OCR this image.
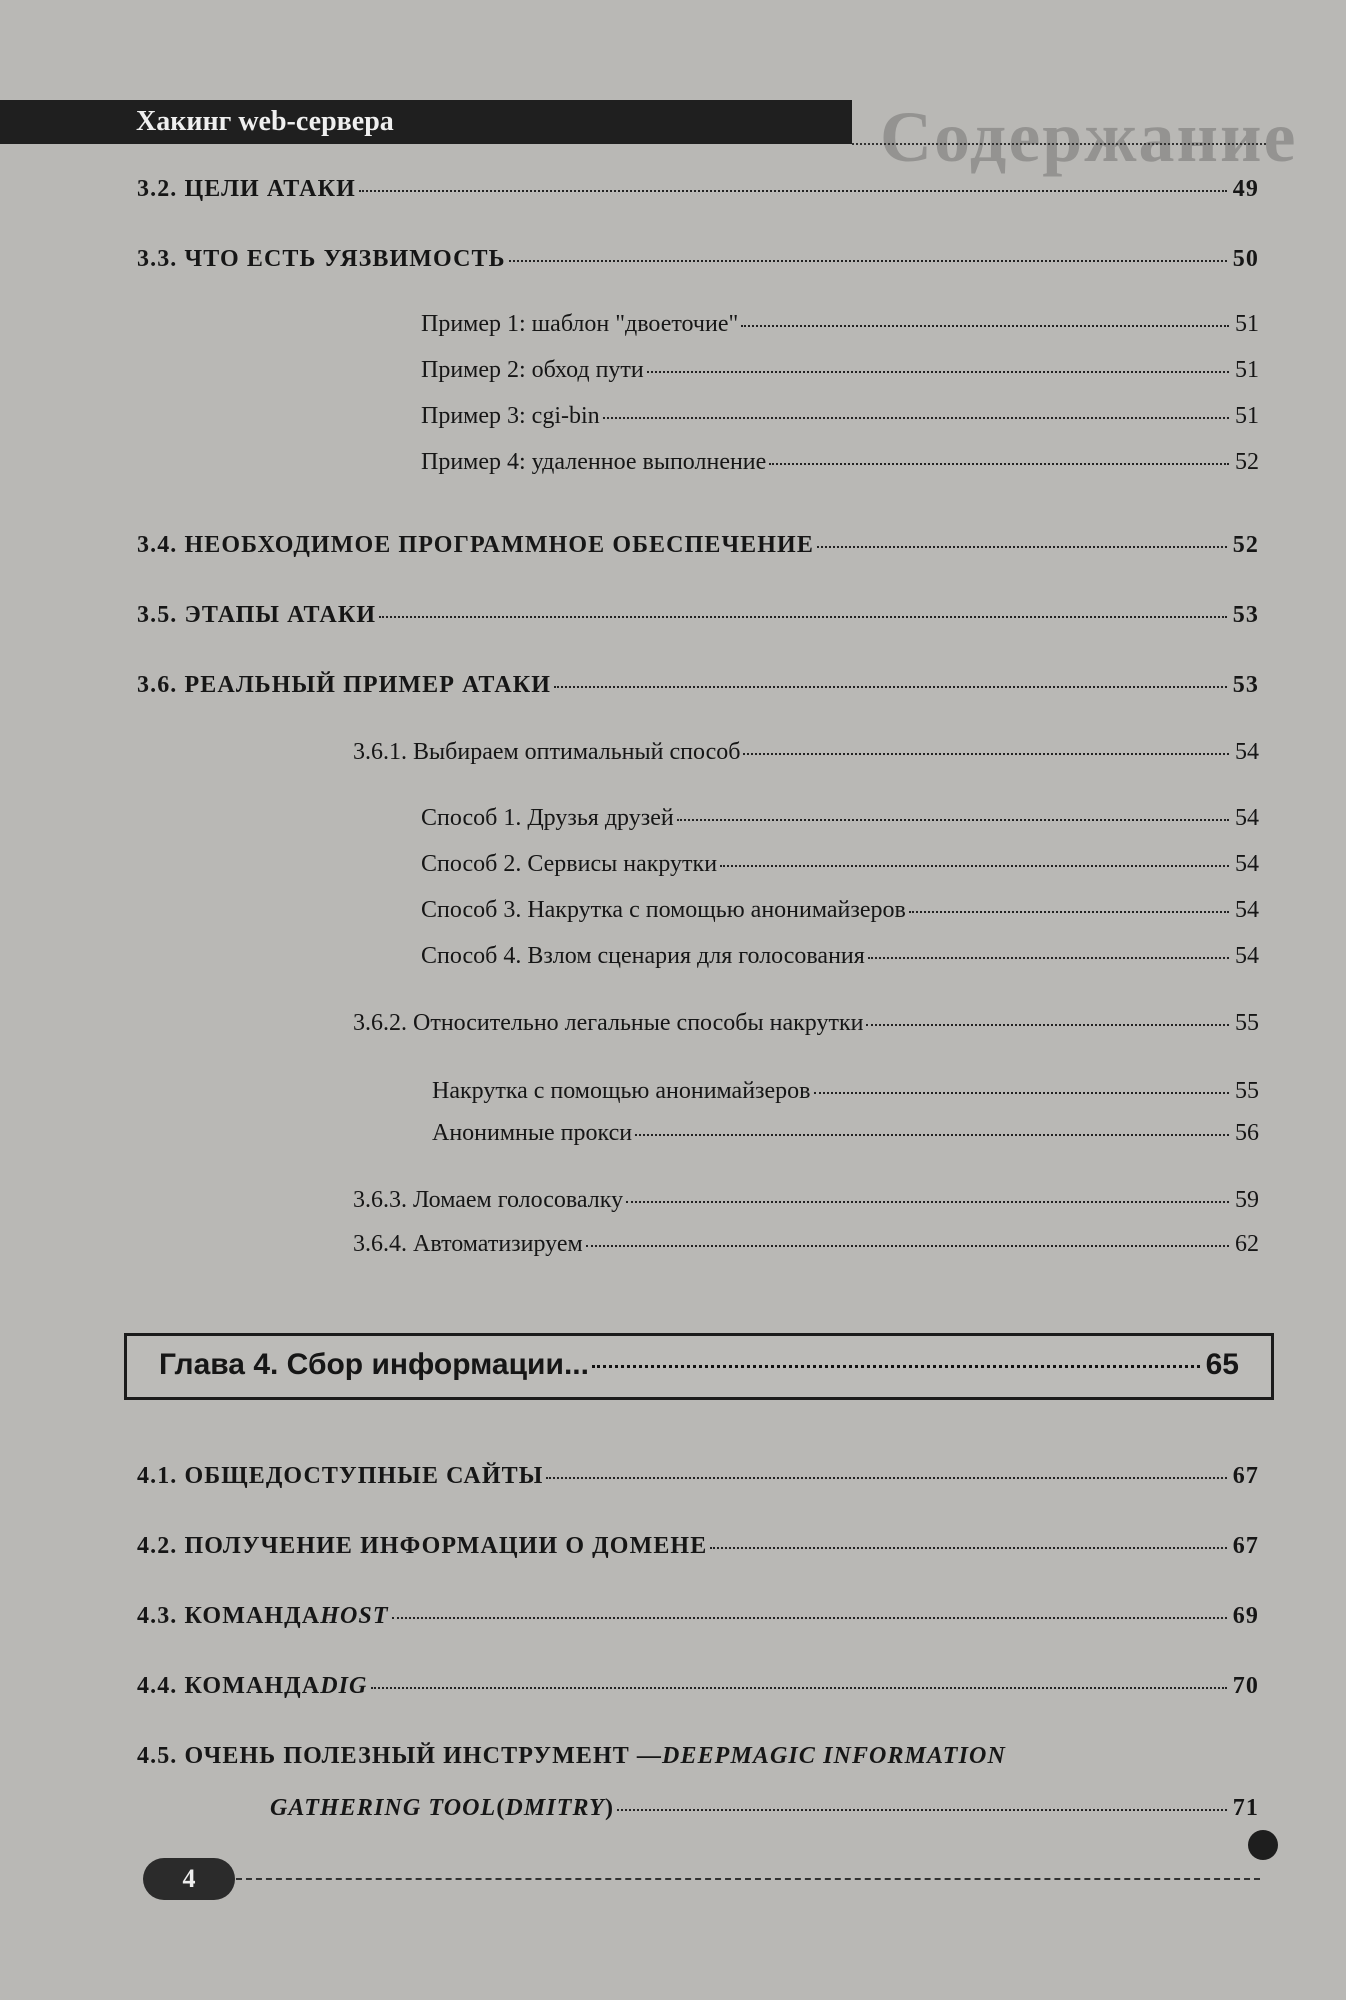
Содержание
Хакинг web-сервера
3.2.
ЦЕЛИ АТАКИ	49
3.3.
ЧТО ЕСТЬ УЯЗВИМОСТЬ	50
Пример 1: шаблон "двоеточие"	51
Пример 2: обход пути	51
Пример 3: cgi-bin	51
Пример 4: удаленное выполнение	52
3.4.
НЕОБХОДИМОЕ ПРОГРАММНОЕ ОБЕСПЕЧЕНИЕ	52
3.5.
ЭТАПЫ АТАКИ	53
3.6.
РЕАЛЬНЫЙ ПРИМЕР АТАКИ	53
3.6.1. Выбираем оптимальный способ	54
Способ 1. Друзья друзей	54
Способ 2. Сервисы накрутки	54
Способ 3. Накрутка с помощью анонимайзеров	54
Способ 4. Взлом сценария для голосования	54
3.6.2. Относительно легальные способы накрутки	55
Накрутка с помощью анонимайзеров	55
Анонимные прокси	56
3.6.3. Ломаем голосовалку	59
3.6.4. Автоматизируем	62
Глава 4. Сбор информации...	65
4.1.
ОБЩЕДОСТУПНЫЕ САЙТЫ	67
4.2.
ПОЛУЧЕНИЕ ИНФОРМАЦИИ О ДОМЕНЕ	67
4.3.
КОМАНДА HOST	69
4.4.
КОМАНДА DIG	70
4.5.
ОЧЕНЬ ПОЛЕЗНЫЙ ИНСТРУМЕНТ — DEEPMAGIC INFORMATION
GATHERING TOOL ( DMITRY )	71
4
